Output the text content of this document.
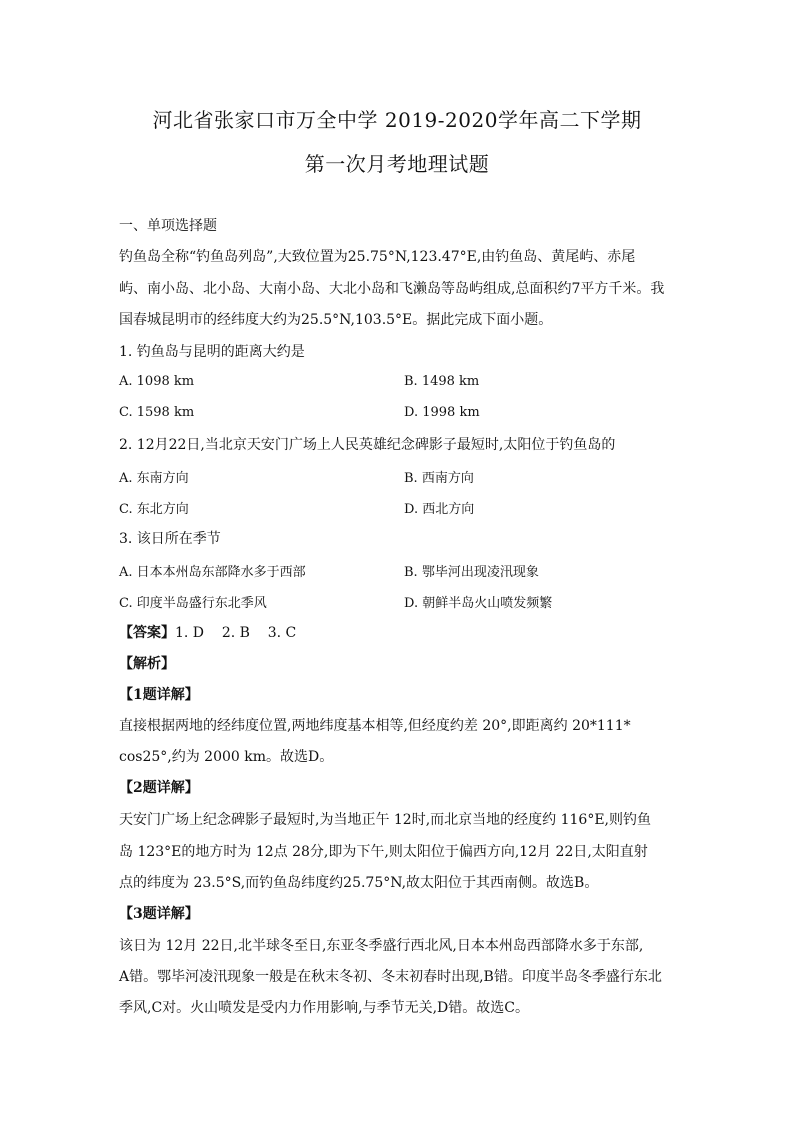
河北省张家口市万全中学 2019-2020学年高二下学期
第一次月考地理试题
一、单项选择题
钓鱼岛全称“钓鱼岛列岛”,大致位置为25.75°N,123.47°E,由钓鱼岛、黄尾屿、赤尾
屿、南小岛、北小岛、大南小岛、大北小岛和飞濑岛等岛屿组成,总面积约7平方千米。我
国春城昆明市的经纬度大约为25.5°N,103.5°E。据此完成下面小题。
1. 钓鱼岛与昆明的距离大约是
A. 1098 km	B. 1498 km
C. 1598 km	D. 1998 km
2. 12月22日,当北京天安门广场上人民英雄纪念碑影子最短时,太阳位于钓鱼岛的
A. 东南方向	B. 西南方向
C. 东北方向	D. 西北方向
3. 该日所在季节
A. 日本本州岛东部降水多于西部	B. 鄂毕河出现凌汛现象
C. 印度半岛盛行东北季风	D. 朝鲜半岛火山喷发频繁
【答案】1. D    2. B    3. C
【解析】
【1题详解】
直接根据两地的经纬度位置,两地纬度基本相等,但经度约差 20°,即距离约 20*111*
cos25°,约为 2000 km。故选D。
【2题详解】
天安门广场上纪念碑影子最短时,为当地正午 12时,而北京当地的经度约 116°E,则钓鱼
岛 123°E的地方时为 12点 28分,即为下午,则太阳位于偏西方向,12月 22日,太阳直射
点的纬度为 23.5°S,而钓鱼岛纬度约25.75°N,故太阳位于其西南侧。故选B。
【3题详解】
该日为 12月 22日,北半球冬至日,东亚冬季盛行西北风,日本本州岛西部降水多于东部,
A错。鄂毕河凌汛现象一般是在秋末冬初、冬末初春时出现,B错。印度半岛冬季盛行东北
季风,C对。火山喷发是受内力作用影响,与季节无关,D错。故选C。
